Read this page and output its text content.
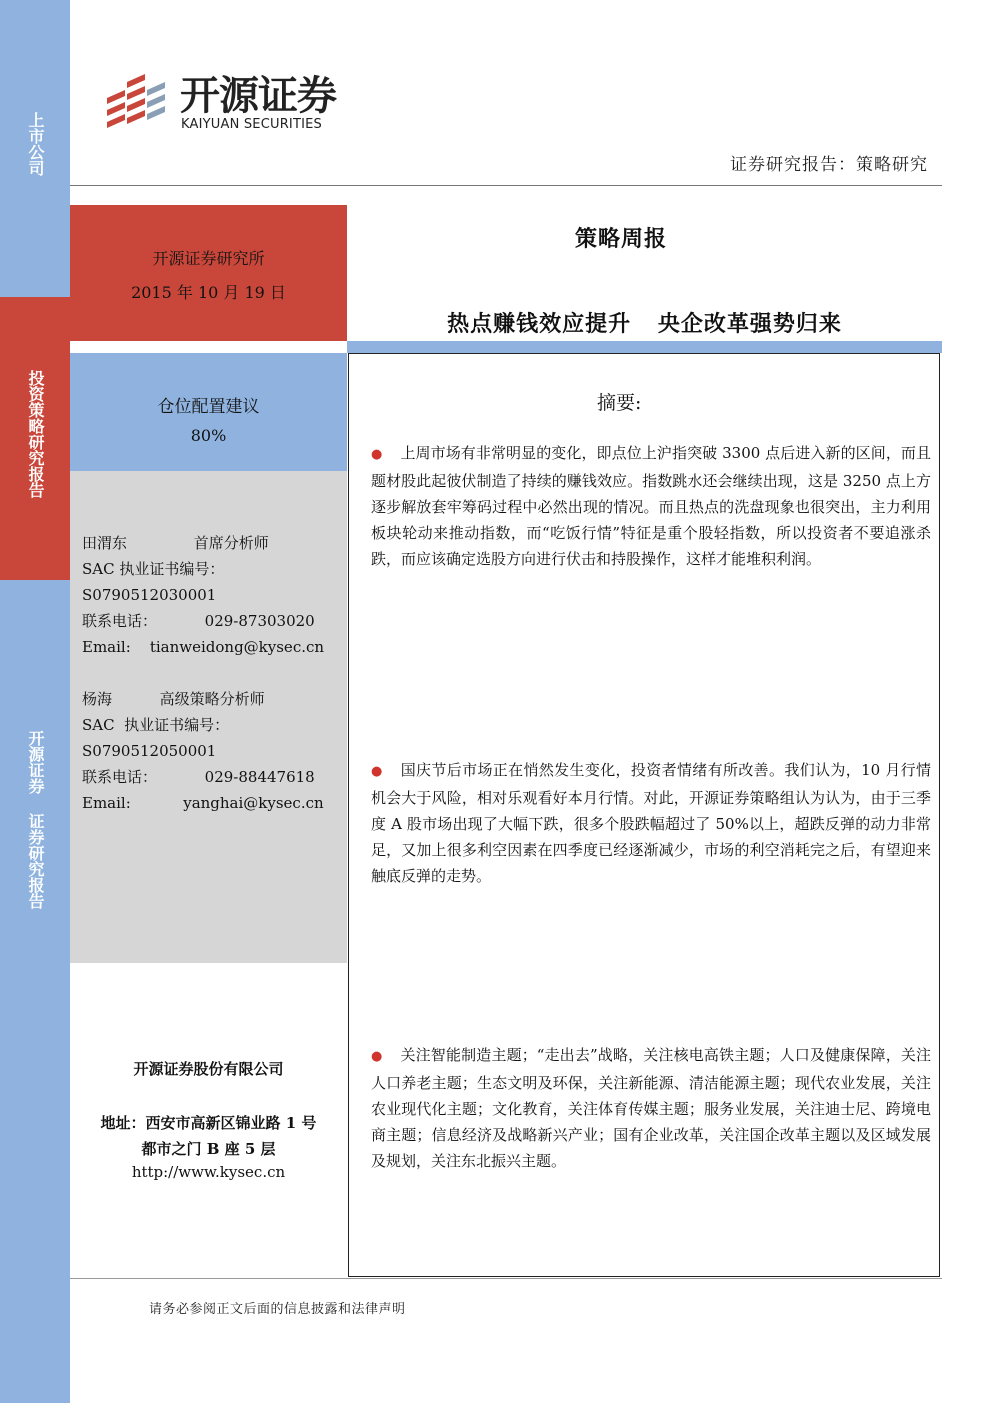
上市公司
投资策略研究报告
开源证券 证券研究报告
开源证券
KAIYUAN SECURITIES
证券研究报告：策略研究
开源证券研究所
2015 年 10 月 19 日
仓位配置建议
80%
田渭东              首席分析师
SAC 执业证书编号：
S0790512030001
联系电话：          029-87303020
Email:    tianweidong@kysec.cn
杨海          高级策略分析师
SAC  执业证书编号：
S0790512050001
联系电话：          029-88447618
Email:           yanghai@kysec.cn
开源证券股份有限公司
地址：西安市高新区锦业路 1 号
都市之门 B 座 5 层
http://www.kysec.cn
策略周报
热点赚钱效应提升 央企改革强势归来
摘要:
● 上周市场有非常明显的变化，即点位上沪指突破 3300 点后进入新的区间，而且题材股此起彼伏制造了持续的赚钱效应。指数跳水还会继续出现，这是 3250 点上方逐步解放套牢筹码过程中必然出现的情况。而且热点的洗盘现象也很突出，主力利用板块轮动来推动指数，而“吃饭行情”特征是重个股轻指数，所以投资者不要追涨杀跌，而应该确定选股方向进行伏击和持股操作，这样才能堆积利润。
● 国庆节后市场正在悄然发生变化，投资者情绪有所改善。我们认为，10 月行情机会大于风险，相对乐观看好本月行情。对此，开源证券策略组认为认为，由于三季度 A 股市场出现了大幅下跌，很多个股跌幅超过了 50%以上，超跌反弹的动力非常足，又加上很多利空因素在四季度已经逐渐减少，市场的利空消耗完之后，有望迎来触底反弹的走势。
● 关注智能制造主题；“走出去”战略，关注核电高铁主题；人口及健康保障，关注人口养老主题；生态文明及环保，关注新能源、清洁能源主题；现代农业发展，关注农业现代化主题；文化教育，关注体育传媒主题；服务业发展，关注迪士尼、跨境电商主题；信息经济及战略新兴产业；国有企业改革，关注国企改革主题以及区域发展及规划，关注东北振兴主题。
请务必参阅正文后面的信息披露和法律声明
